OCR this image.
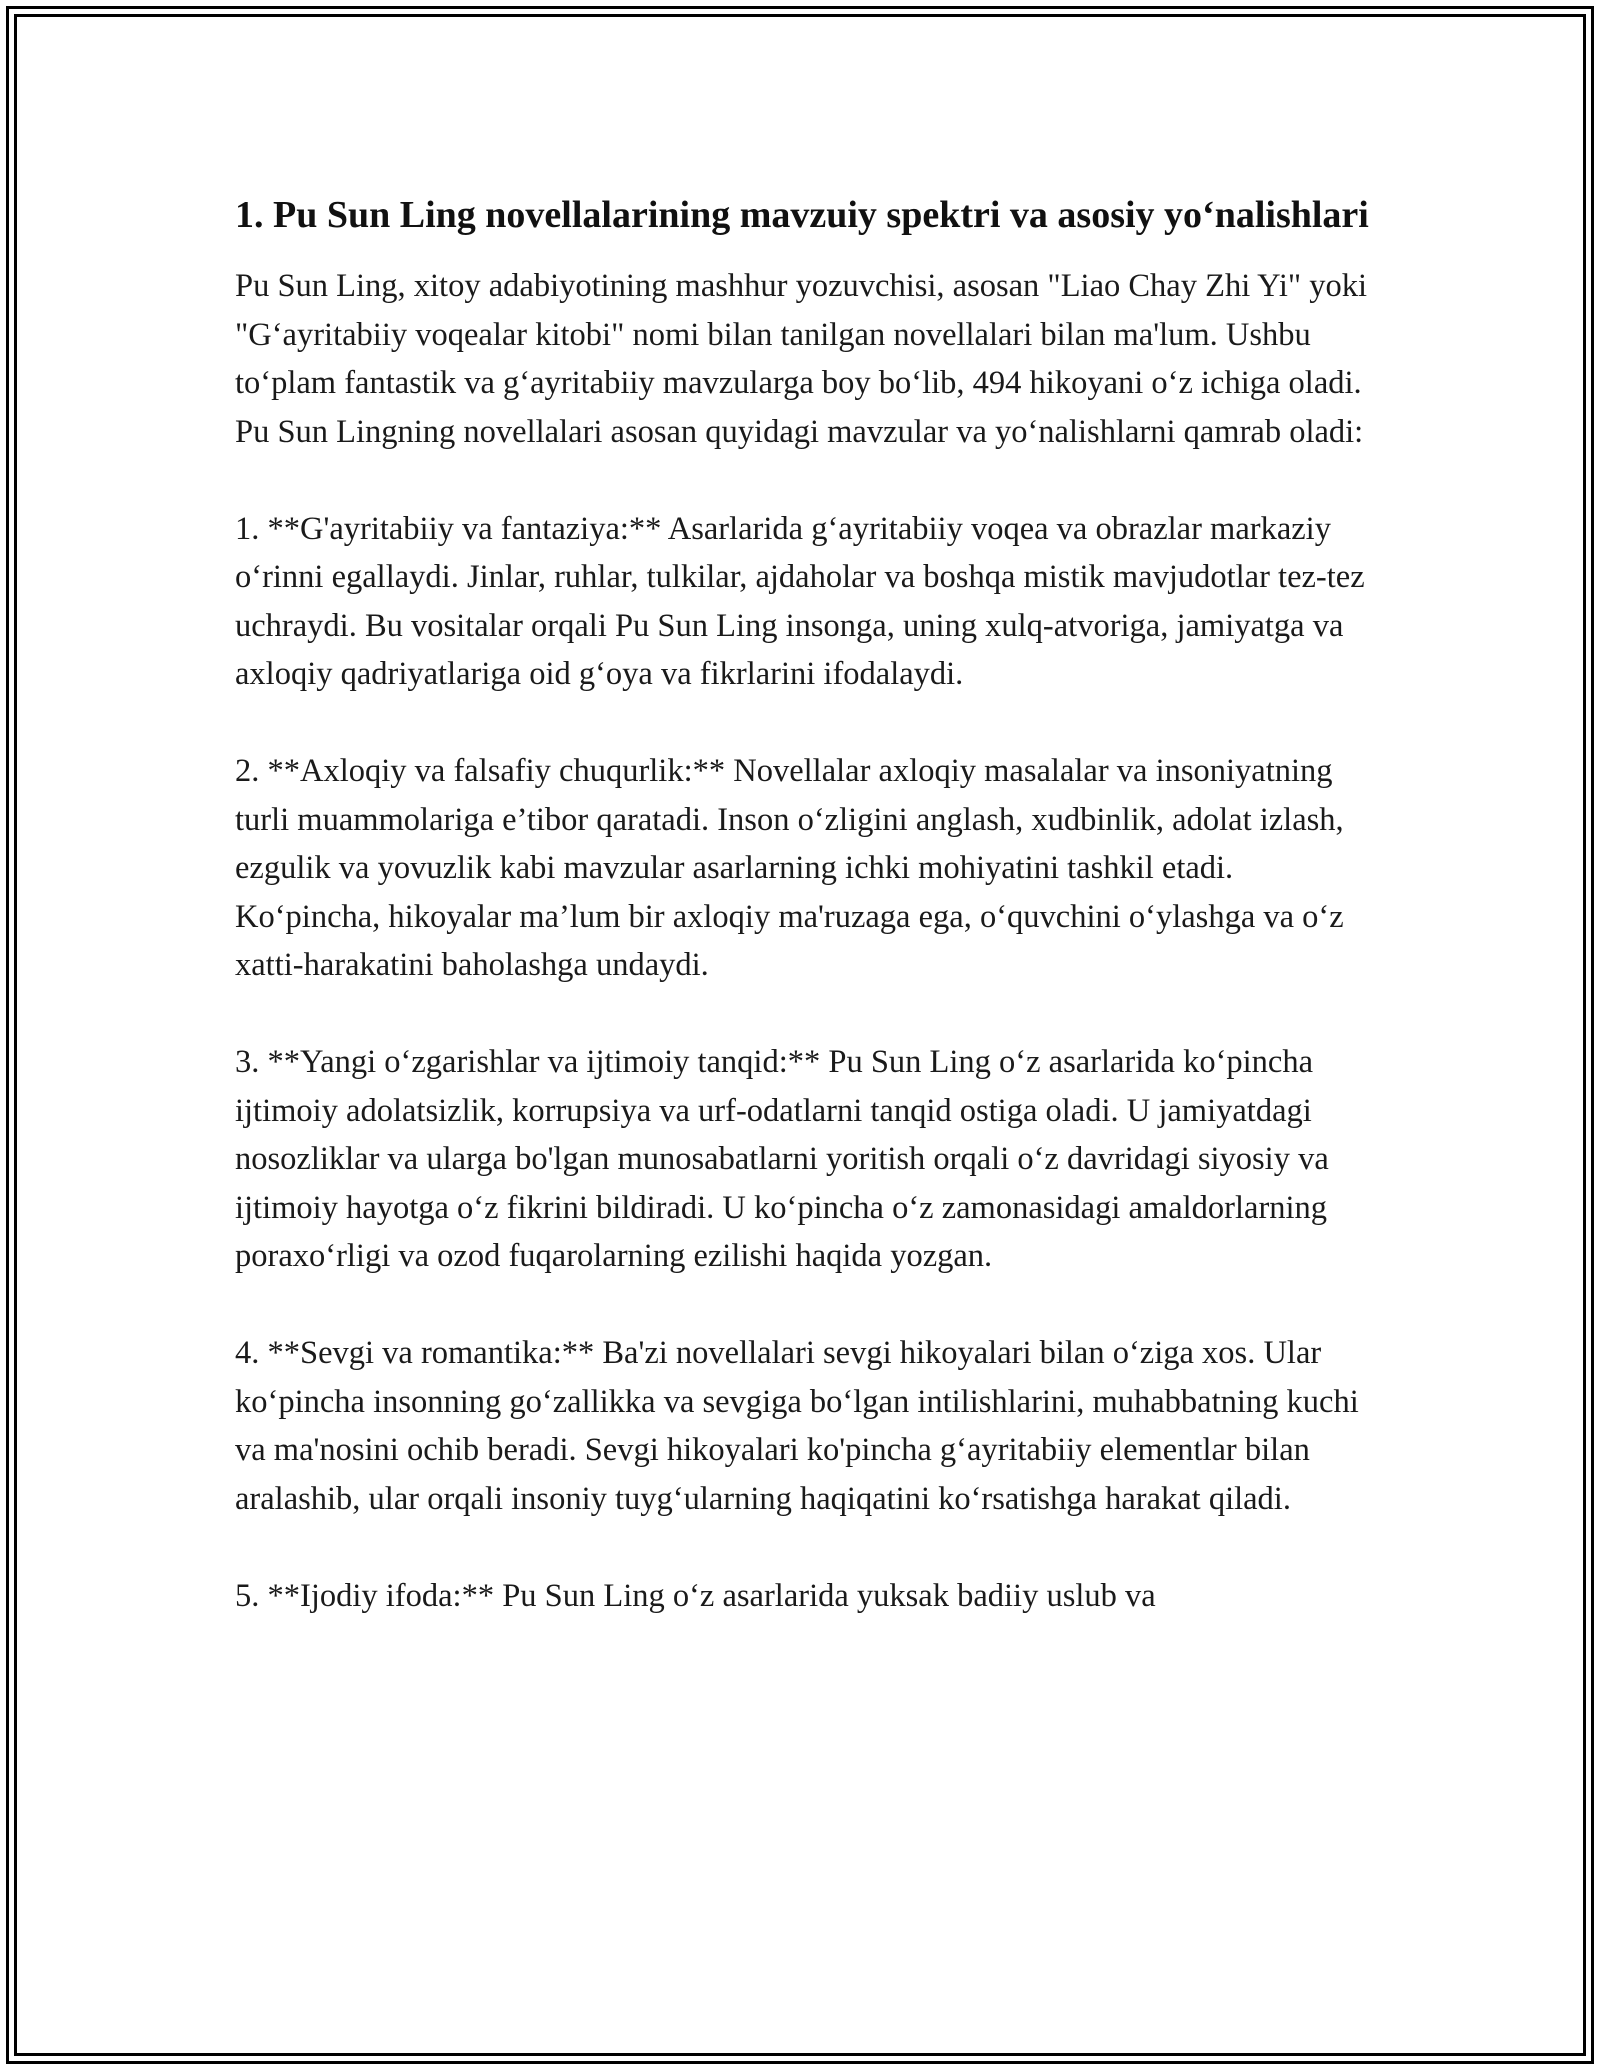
1. Pu Sun Ling novellalarining mavzuiy spektri va asosiy yo‘nalishlari

Pu Sun Ling, xitoy adabiyotining mashhur yozuvchisi, asosan "Liao Chay Zhi Yi" yoki "G‘ayritabiiy voqealar kitobi" nomi bilan tanilgan novellalari bilan ma'lum. Ushbu to‘plam fantastik va g‘ayritabiiy mavzularga boy bo‘lib, 494 hikoyani o‘z ichiga oladi. Pu Sun Lingning novellalari asosan quyidagi mavzular va yo‘nalishlarni qamrab oladi:

1. **G'ayritabiiy va fantaziya:** Asarlarida g‘ayritabiiy voqea va obrazlar markaziy o‘rinni egallaydi. Jinlar, ruhlar, tulkilar, ajdaholar va boshqa mistik mavjudotlar tez-tez uchraydi. Bu vositalar orqali Pu Sun Ling insonga, uning xulq-atvoriga, jamiyatga va axloqiy qadriyatlariga oid g‘oya va fikrlarini ifodalaydi.

2. **Axloqiy va falsafiy chuqurlik:** Novellalar axloqiy masalalar va insoniyatning turli muammolariga e’tibor qaratadi. Inson o‘zligini anglash, xudbinlik, adolat izlash, ezgulik va yovuzlik kabi mavzular asarlarning ichki mohiyatini tashkil etadi. Ko‘pincha, hikoyalar ma’lum bir axloqiy ma'ruzaga ega, o‘quvchini o‘ylashga va o‘z xatti-harakatini baholashga undaydi.

3. **Yangi o‘zgarishlar va ijtimoiy tanqid:** Pu Sun Ling o‘z asarlarida ko‘pincha ijtimoiy adolatsizlik, korrupsiya va urf-odatlarni tanqid ostiga oladi. U jamiyatdagi nosozliklar va ularga bo'lgan munosabatlarni yoritish orqali o‘z davridagi siyosiy va ijtimoiy hayotga o‘z fikrini bildiradi. U ko‘pincha o‘z zamonasidagi amaldorlarning poraxo‘rligi va ozod fuqarolarning ezilishi haqida yozgan.

4. **Sevgi va romantika:** Ba'zi novellalari sevgi hikoyalari bilan o‘ziga xos. Ular ko‘pincha insonning go‘zallikka va sevgiga bo‘lgan intilishlarini, muhabbatning kuchi va ma'nosini ochib beradi. Sevgi hikoyalari ko'pincha g‘ayritabiiy elementlar bilan aralashib, ular orqali insoniy tuyg‘ularning haqiqatini ko‘rsatishga harakat qiladi.

5. **Ijodiy ifoda:** Pu Sun Ling o‘z asarlarida yuksak badiiy uslub va
